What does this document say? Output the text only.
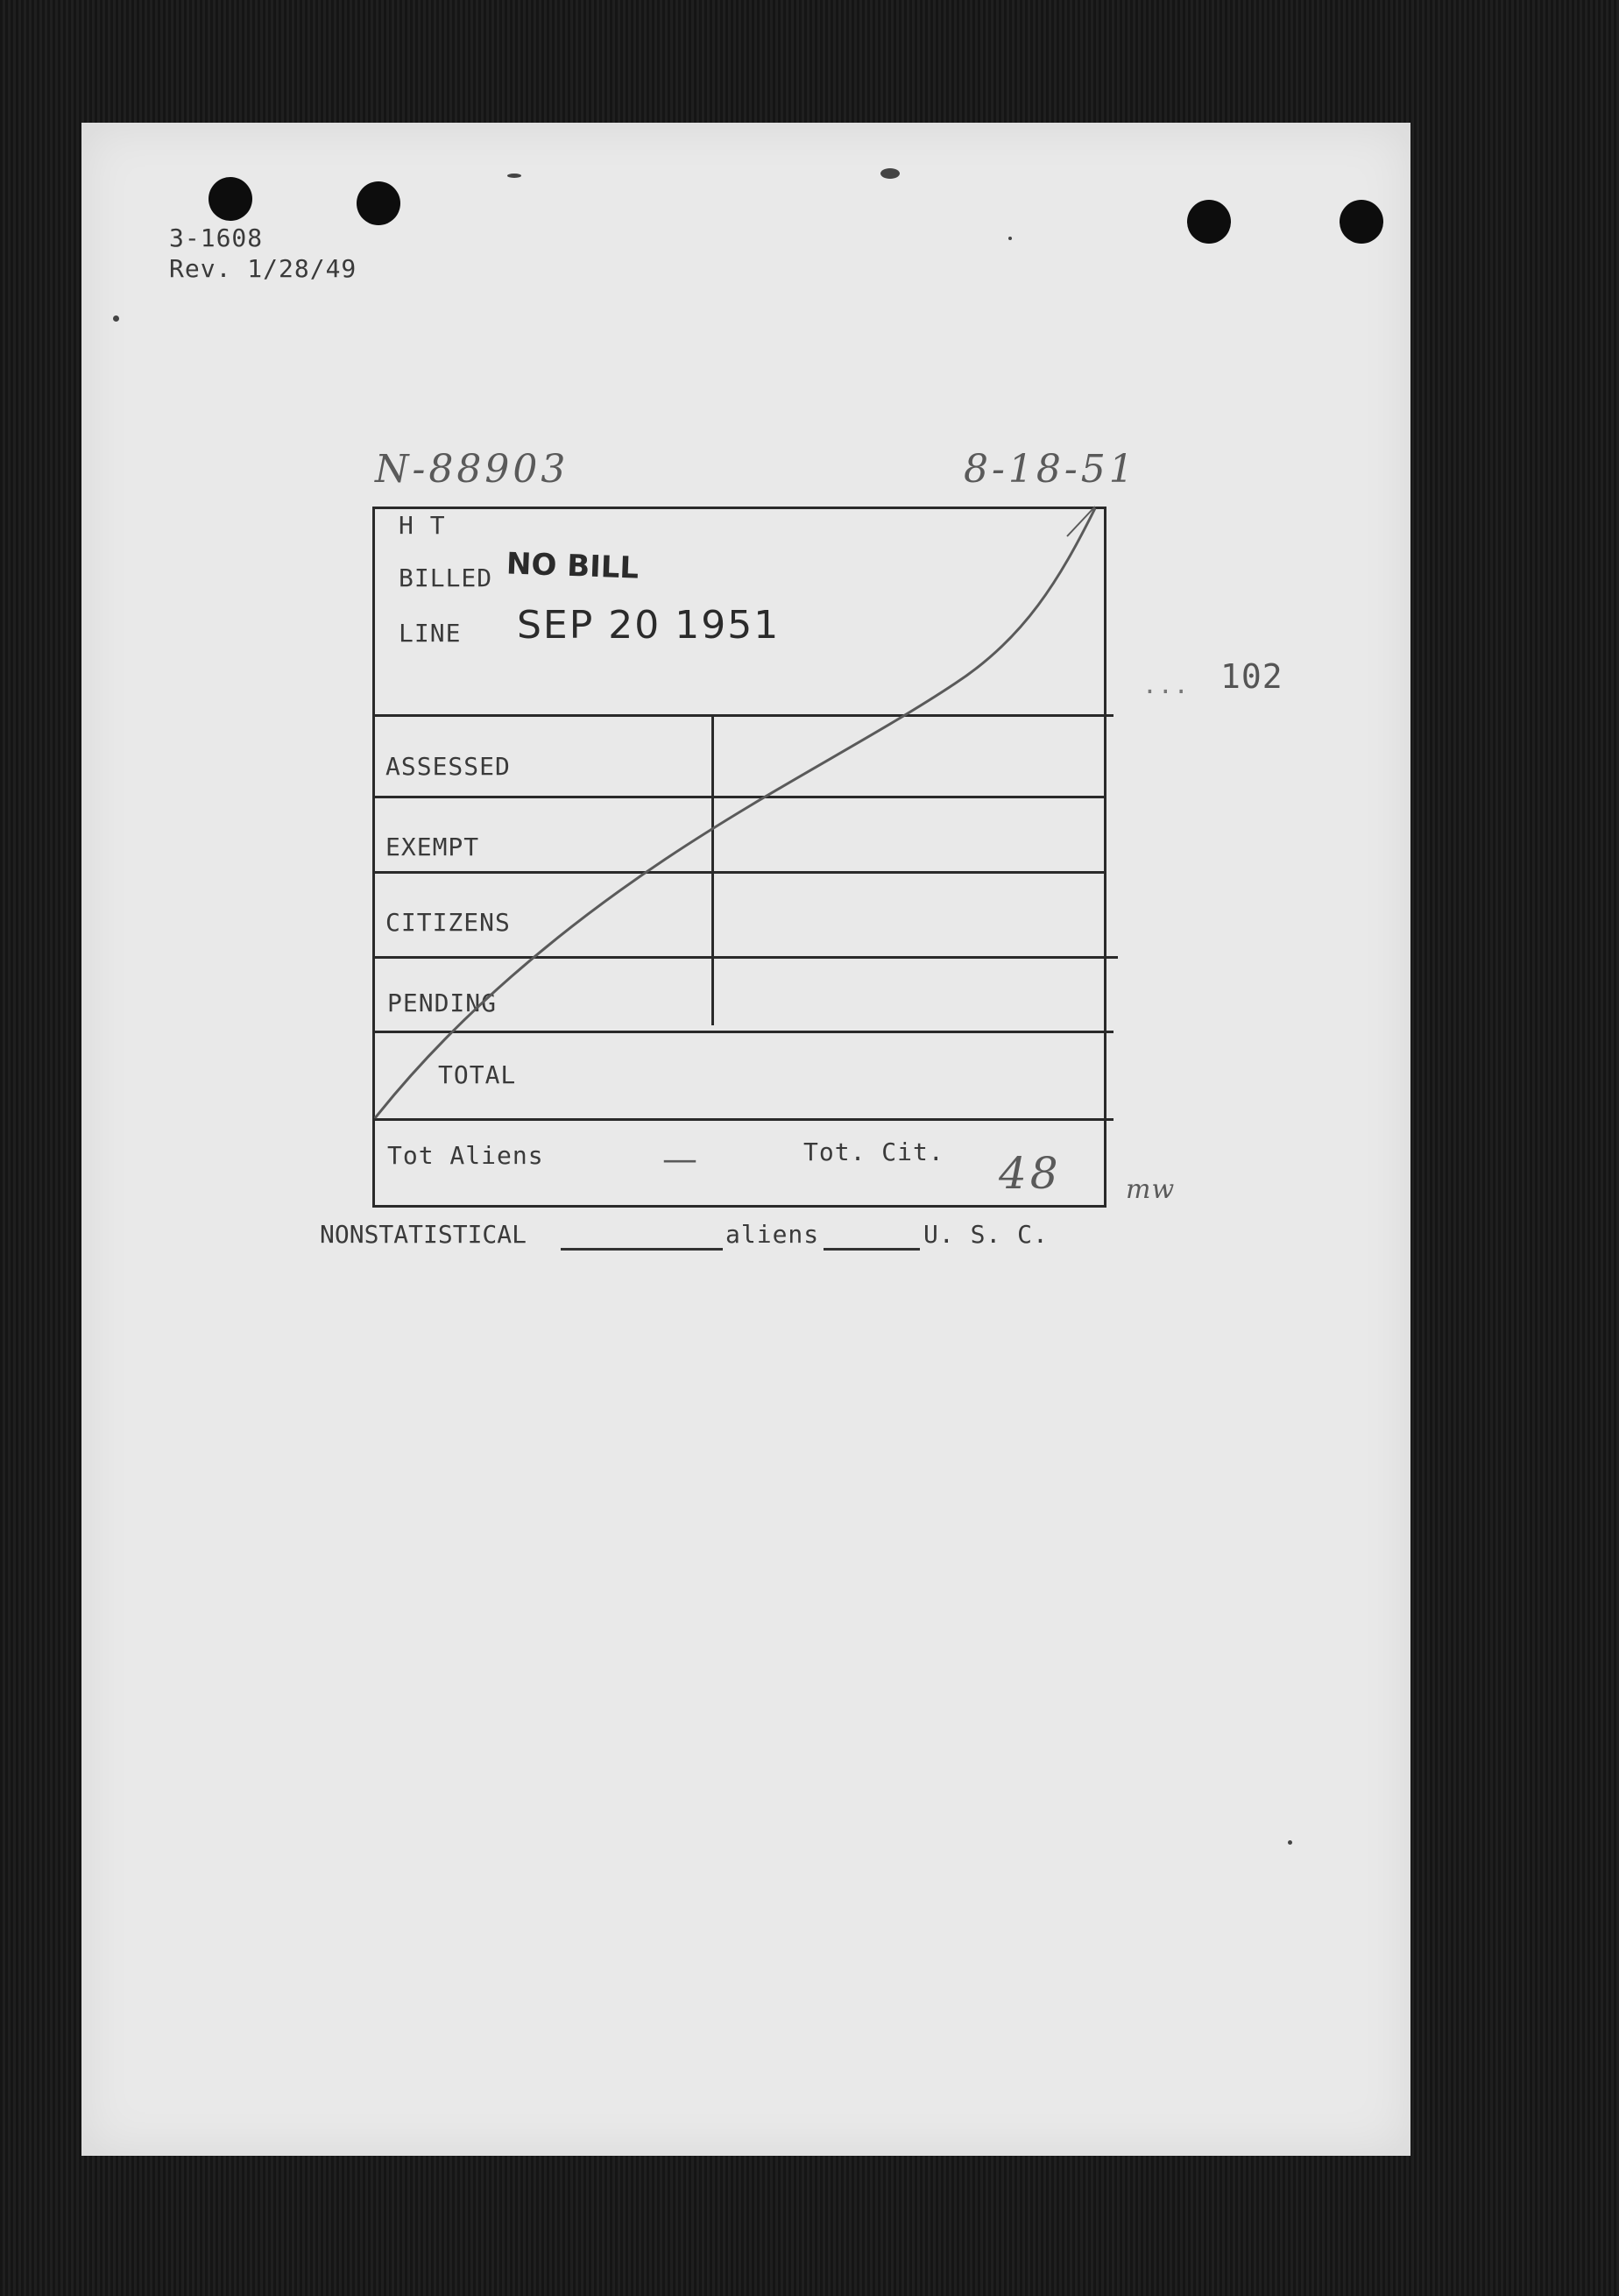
3-1608
Rev. 1/28/49
N-88903	8-18-51
... 102
H T
BILLED
LINE
NO BILL
SEP 20 1951
ASSESSED
EXEMPT
CITIZENS
PENDING
TOTAL
Tot Aliens	Tot. Cit.
—	48 mw
NONSTATISTICAL	aliens	U. S. C.
